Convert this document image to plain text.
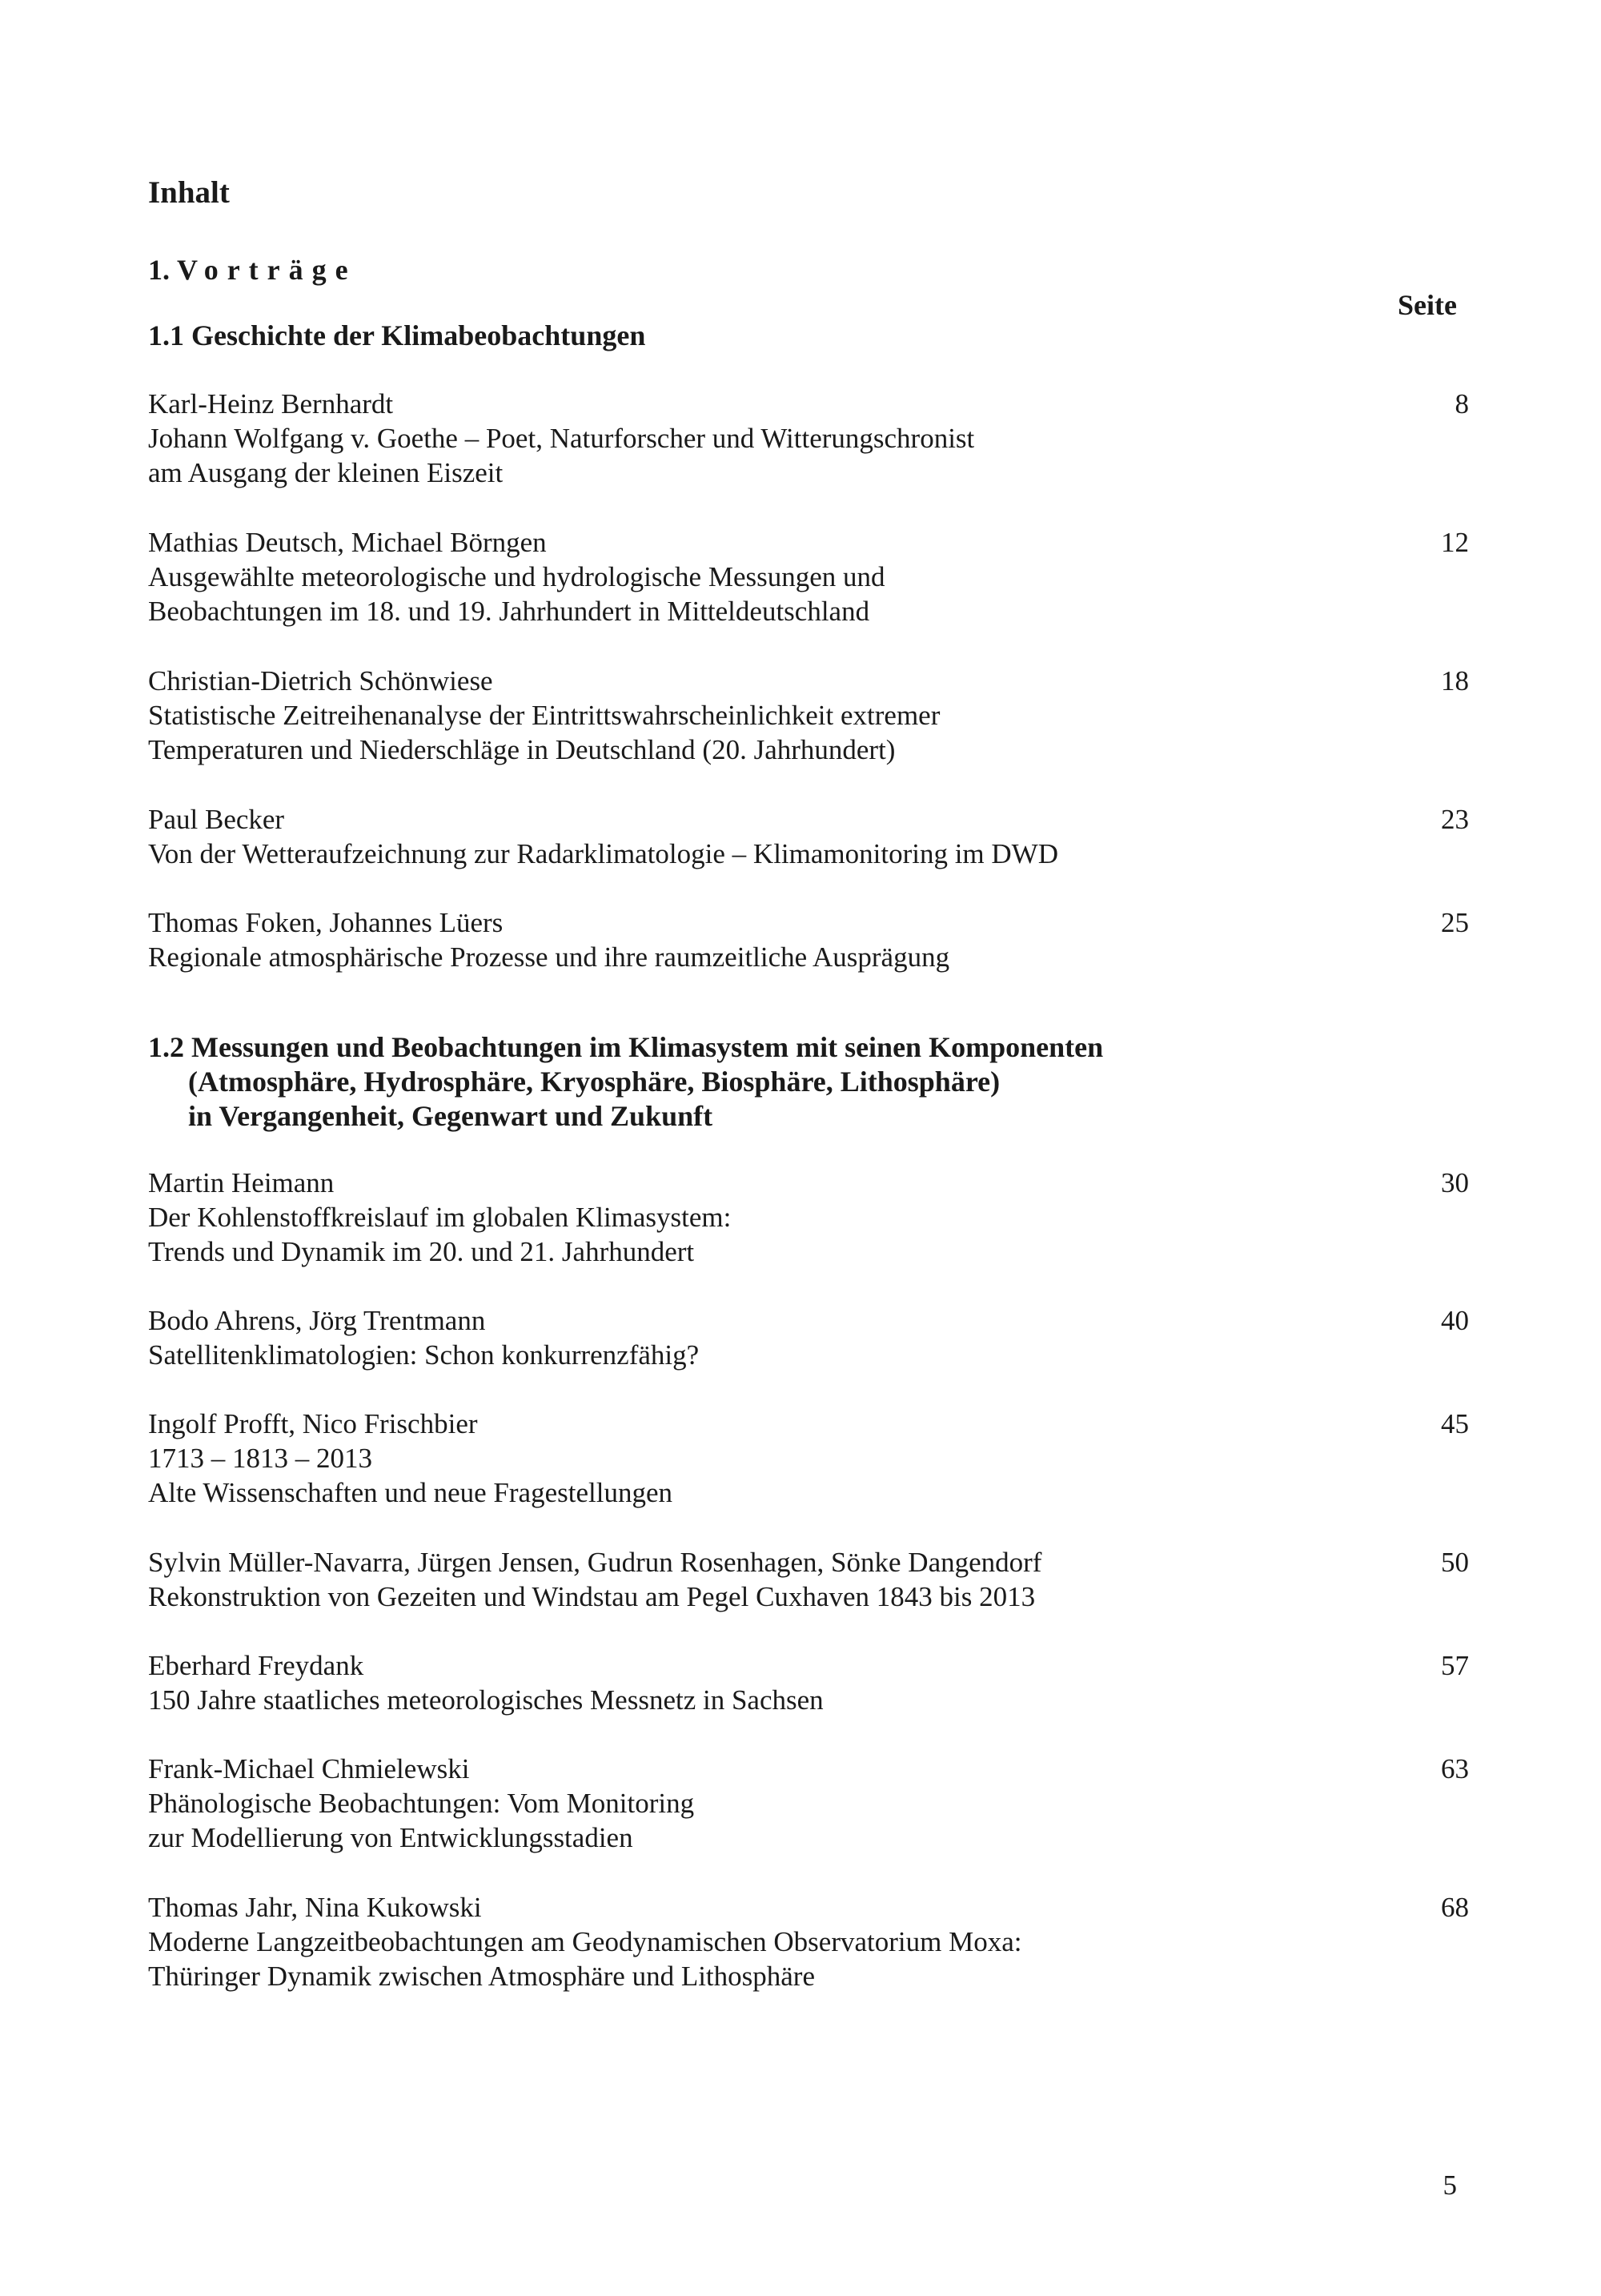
Inhalt
1. Vorträge
Seite
1.1 Geschichte der Klimabeobachtungen
Karl-Heinz Bernhardt
Johann Wolfgang v. Goethe – Poet, Naturforscher und Witterungschronist
am Ausgang der kleinen Eiszeit
8
Mathias Deutsch, Michael Börngen
Ausgewählte meteorologische und hydrologische Messungen und
Beobachtungen im 18. und 19. Jahrhundert in Mitteldeutschland
12
Christian-Dietrich Schönwiese
Statistische Zeitreihenanalyse der Eintrittswahrscheinlichkeit extremer
Temperaturen und Niederschläge in Deutschland (20. Jahrhundert)
18
Paul Becker
Von der Wetteraufzeichnung zur Radarklimatologie – Klimamonitoring im DWD
23
Thomas Foken, Johannes Lüers
Regionale atmosphärische Prozesse und ihre raumzeitliche Ausprägung
25
1.2 Messungen und Beobachtungen im Klimasystem mit seinen Komponenten
(Atmosphäre, Hydrosphäre, Kryosphäre, Biosphäre, Lithosphäre)
in Vergangenheit, Gegenwart und Zukunft
Martin Heimann
Der Kohlenstoffkreislauf im globalen Klimasystem:
Trends und Dynamik im 20. und 21. Jahrhundert
30
Bodo Ahrens, Jörg Trentmann
Satellitenklimatologien: Schon konkurrenzfähig?
40
Ingolf Profft, Nico Frischbier
1713 – 1813 – 2013
Alte Wissenschaften und neue Fragestellungen
45
Sylvin Müller-Navarra, Jürgen Jensen, Gudrun Rosenhagen, Sönke Dangendorf
Rekonstruktion von Gezeiten und Windstau am Pegel Cuxhaven 1843 bis 2013
50
Eberhard Freydank
150 Jahre staatliches meteorologisches Messnetz in Sachsen
57
Frank-Michael Chmielewski
Phänologische Beobachtungen: Vom Monitoring
zur Modellierung von Entwicklungsstadien
63
Thomas Jahr, Nina Kukowski
Moderne Langzeitbeobachtungen am Geodynamischen Observatorium Moxa:
Thüringer Dynamik zwischen Atmosphäre und Lithosphäre
68
5
